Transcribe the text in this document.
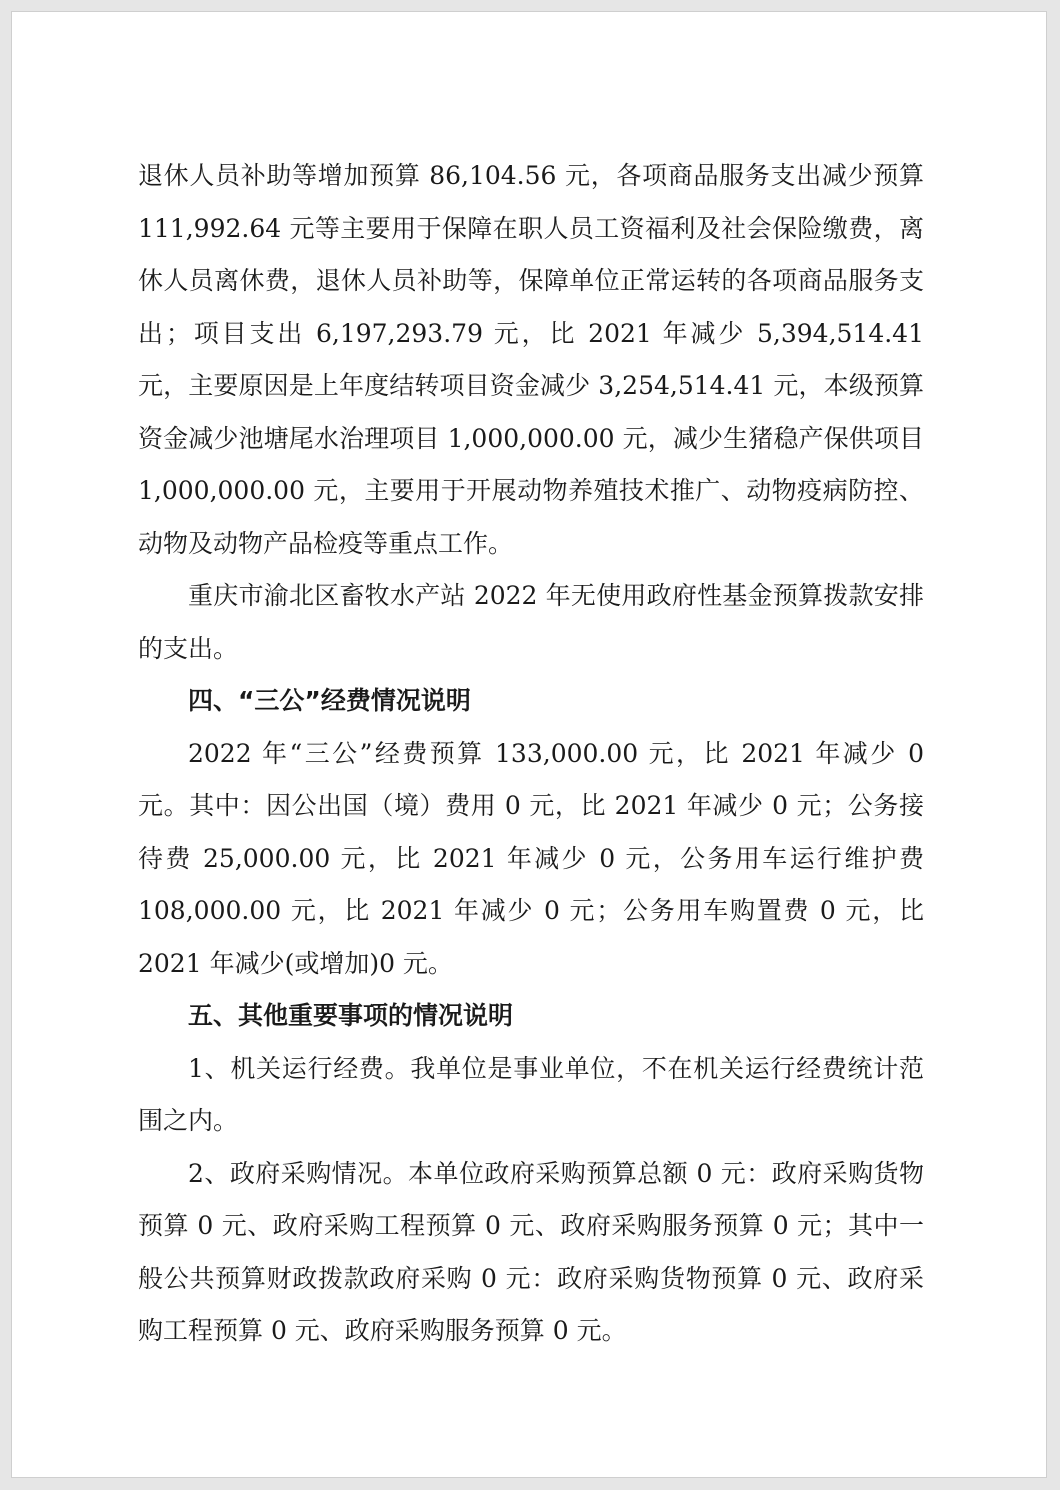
退休人员补助等增加预算 86,104.56 元，各项商品服务支出减少预算 111,992.64 元等主要用于保障在职人员工资福利及社会保险缴费，离休人员离休费，退休人员补助等，保障单位正常运转的各项商品服务支出；项目支出 6,197,293.79 元，比 2021 年减少 5,394,514.41 元，主要原因是上年度结转项目资金减少 3,254,514.41 元，本级预算资金减少池塘尾水治理项目 1,000,000.00 元，减少生猪稳产保供项目 1,000,000.00 元，主要用于开展动物养殖技术推广、动物疫病防控、动物及动物产品检疫等重点工作。

重庆市渝北区畜牧水产站 2022 年无使用政府性基金预算拨款安排的支出。

四、“三公”经费情况说明

2022 年“三公”经费预算 133,000.00 元，比 2021 年减少 0 元。其中：因公出国（境）费用 0 元，比 2021 年减少 0 元；公务接待费 25,000.00 元，比 2021 年减少 0 元，公务用车运行维护费 108,000.00 元，比 2021 年减少 0 元；公务用车购置费 0 元，比 2021 年减少(或增加)0 元。

五、其他重要事项的情况说明

1、机关运行经费。我单位是事业单位，不在机关运行经费统计范围之内。

2、政府采购情况。本单位政府采购预算总额 0 元：政府采购货物预算 0 元、政府采购工程预算 0 元、政府采购服务预算 0 元；其中一般公共预算财政拨款政府采购 0 元：政府采购货物预算 0 元、政府采购工程预算 0 元、政府采购服务预算 0 元。
